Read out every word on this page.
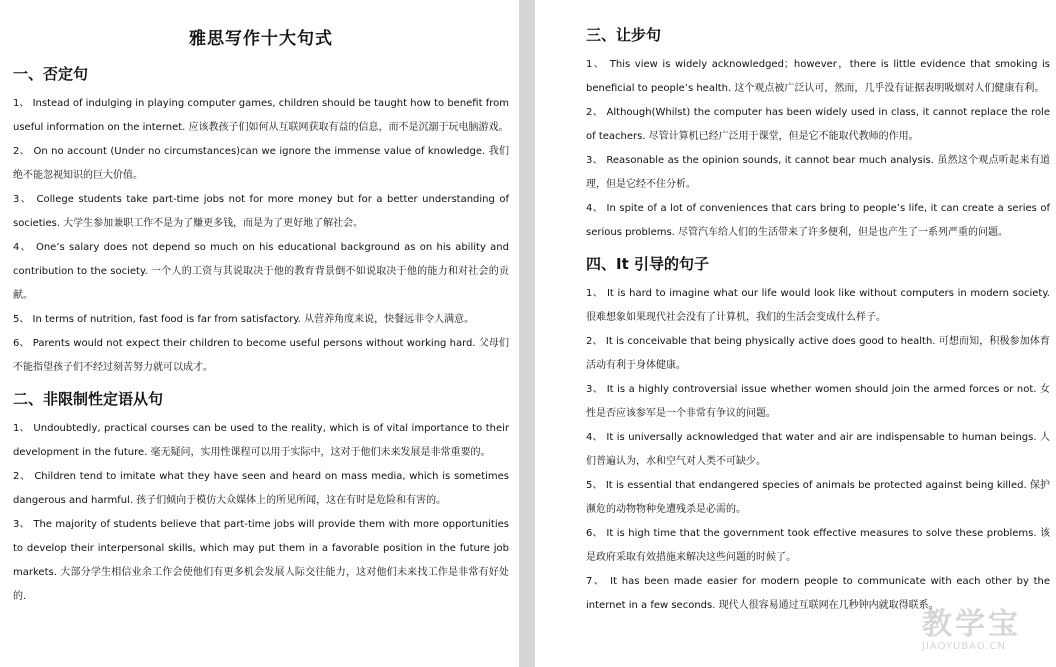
雅思写作十大句式
一、否定句
1、 Instead of indulging in playing computer games, children should be taught how to benefit from useful information on the internet. 应该教孩子们如何从互联网获取有益的信息，而不是沉溺于玩电脑游戏。
2、 On no account (Under no circumstances)can we ignore the immense value of knowledge. 我们绝不能忽视知识的巨大价值。
3、 College students take part-time jobs not for more money but for a better understanding of societies. 大学生参加兼职工作不是为了赚更多钱，而是为了更好地了解社会。
4、 One’s salary does not depend so much on his educational background as on his ability and contribution to the society. 一个人的工资与其说取决于他的教育背景倒不如说取决于他的能力和对社会的贡献。
5、 In terms of nutrition, fast food is far from satisfactory. 从营养角度来说，快餐远非令人满意。
6、 Parents would not expect their children to become useful persons without working hard. 父母们不能指望孩子们不经过刻苦努力就可以成才。
二、非限制性定语从句
1、 Undoubtedly, practical courses can be used to the reality, which is of vital importance to their development in the future. 毫无疑问，实用性课程可以用于实际中，这对于他们未来发展是非常重要的。
2、 Children tend to imitate what they have seen and heard on mass media, which is sometimes dangerous and harmful. 孩子们倾向于模仿大众媒体上的所见所闻，这在有时是危险和有害的。
3、 The majority of students believe that part-time jobs will provide them with more opportunities to develop their interpersonal skills, which may put them in a favorable position in the future job markets. 大部分学生相信业余工作会使他们有更多机会发展人际交往能力，这对他们未来找工作是非常有好处的.
三、让步句
1、 This view is widely acknowledged；however，there is little evidence that smoking is beneficial to people’s health. 这个观点被广泛认可，然而，几乎没有证据表明吸烟对人们健康有利。
2、 Although(Whilst) the computer has been widely used in class, it cannot replace the role of teachers. 尽管计算机已经广泛用于课堂，但是它不能取代教师的作用。
3、 Reasonable as the opinion sounds, it cannot bear much analysis. 虽然这个观点听起来有道理，但是它经不住分析。
4、 In spite of a lot of conveniences that cars bring to people’s life, it can create a series of serious problems. 尽管汽车给人们的生活带来了许多便利，但是也产生了一系列严重的问题。
四、It 引导的句子
1、 It is hard to imagine what our life would look like without computers in modern society. 很难想象如果现代社会没有了计算机，我们的生活会变成什么样子。
2、 It is conceivable that being physically active does good to health. 可想而知，积极参加体育活动有利于身体健康。
3、 It is a highly controversial issue whether women should join the armed forces or not. 女性是否应该参军是一个非常有争议的问题。
4、 It is universally acknowledged that water and air are indispensable to human beings. 人们普遍认为，水和空气对人类不可缺少。
5、 It is essential that endangered species of animals be protected against being killed. 保护濒危的动物物种免遭残杀是必需的。
6、 It is high time that the government took effective measures to solve these problems. 该是政府采取有效措施来解决这些问题的时候了。
7、 It has been made easier for modern people to communicate with each other by the internet in a few seconds. 现代人很容易通过互联网在几秒钟内就取得联系。
教学宝
JIAOYUBAO.CN
